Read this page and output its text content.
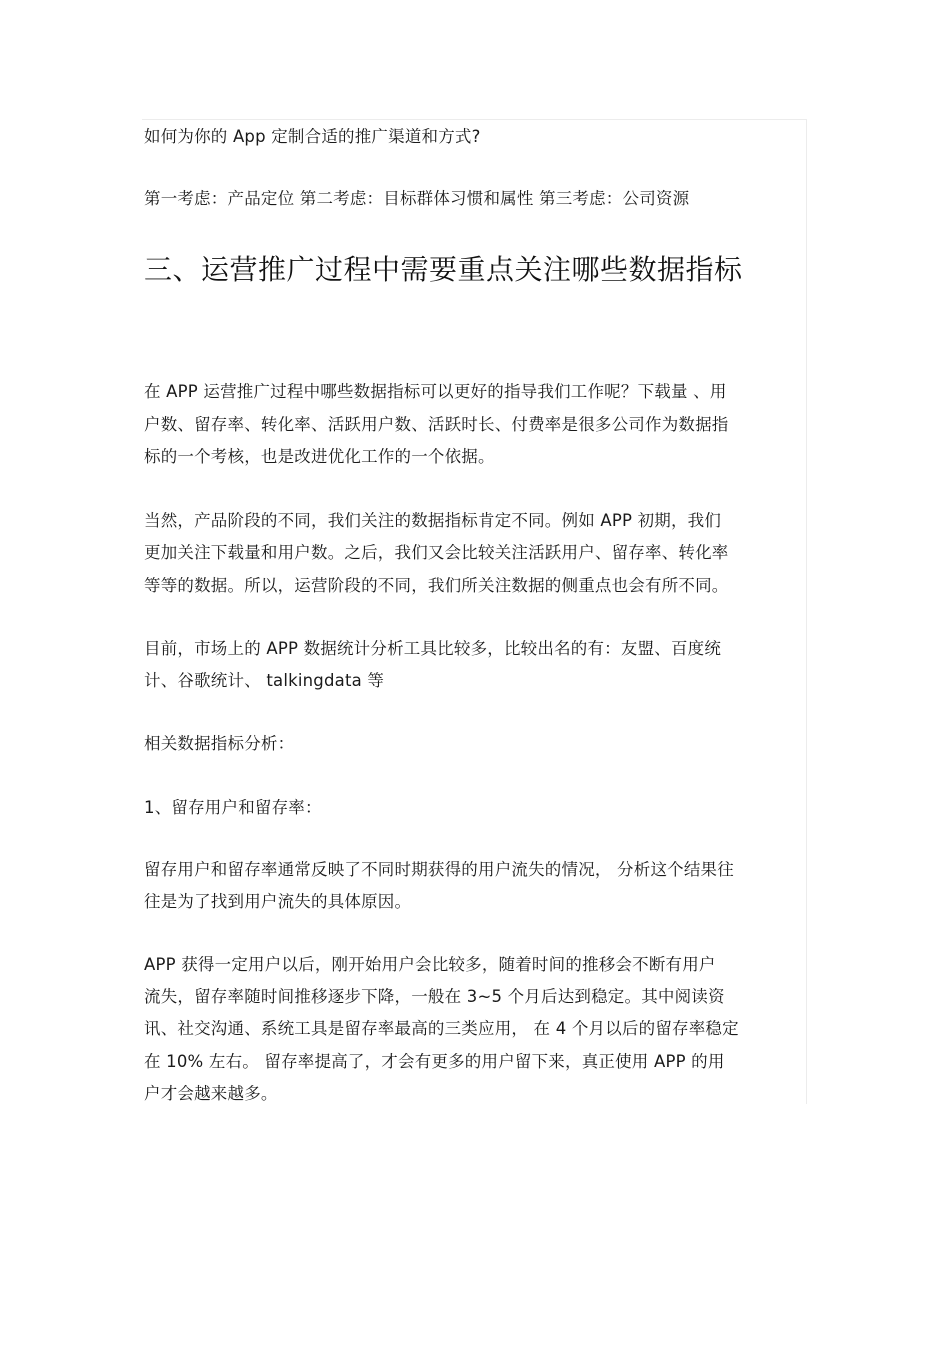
如何为你的 App 定制合适的推广渠道和方式?
第一考虑：产品定位 第二考虑：目标群体习惯和属性 第三考虑：公司资源
三、运营推广过程中需要重点关注哪些数据指标
在 APP 运营推广过程中哪些数据指标可以更好的指导我们工作呢？下载量 、用
户数、留存率、转化率、活跃用户数、活跃时长、付费率是很多公司作为数据指
标的一个考核，也是改进优化工作的一个依据。
当然，产品阶段的不同，我们关注的数据指标肯定不同。例如 APP 初期，我们
更加关注下载量和用户数。之后，我们又会比较关注活跃用户、留存率、转化率
等等的数据。所以，运营阶段的不同，我们所关注数据的侧重点也会有所不同。
目前，市场上的 APP 数据统计分析工具比较多，比较出名的有：友盟、百度统
计、谷歌统计、 talkingdata 等
相关数据指标分析：
1、留存用户和留存率：
留存用户和留存率通常反映了不同时期获得的用户流失的情况， 分析这个结果往
往是为了找到用户流失的具体原因。
APP 获得一定用户以后，刚开始用户会比较多，随着时间的推移会不断有用户
流失，留存率随时间推移逐步下降，一般在 3~5 个月后达到稳定。其中阅读资
讯、社交沟通、系统工具是留存率最高的三类应用， 在 4 个月以后的留存率稳定
在 10% 左右。 留存率提高了，才会有更多的用户留下来，真正使用 APP 的用
户才会越来越多。
